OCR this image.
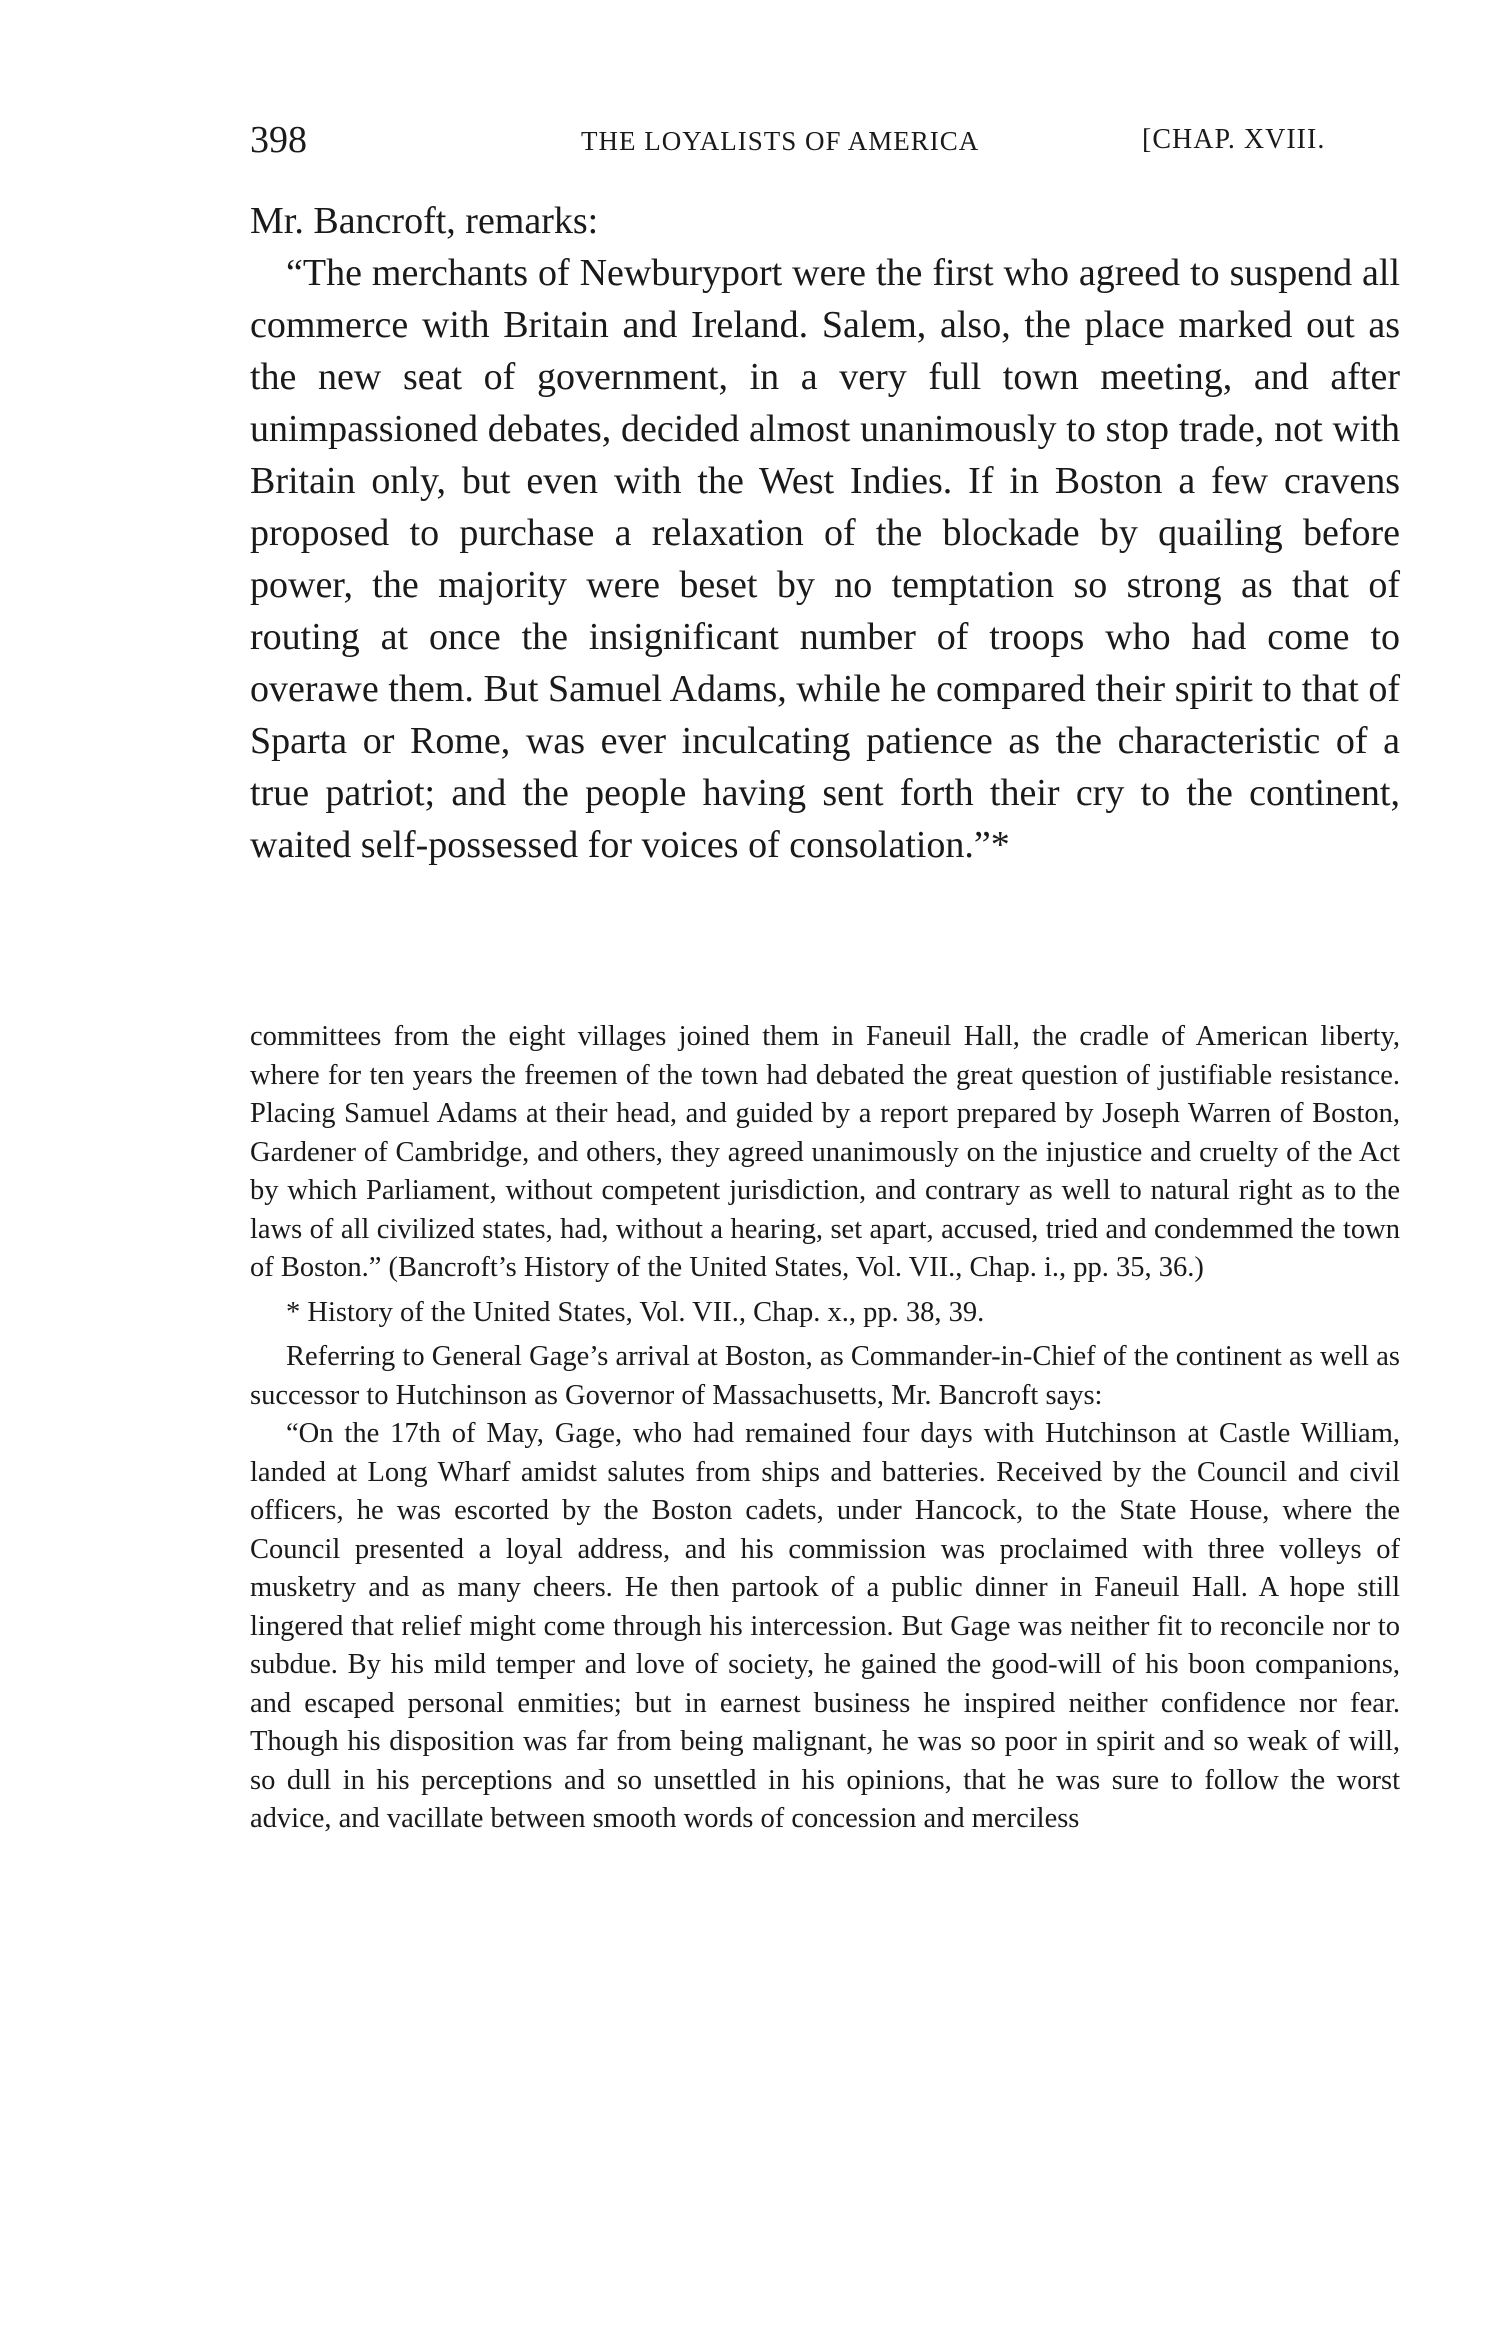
398	THE LOYALISTS OF AMERICA	[CHAP. XVIII.

Mr. Bancroft, remarks:

“The merchants of Newburyport were the first who agreed to suspend all commerce with Britain and Ireland. Salem, also, the place marked out as the new seat of government, in a very full town meeting, and after unimpassioned debates, decided almost unanimously to stop trade, not with Britain only, but even with the West Indies. If in Boston a few cravens proposed to purchase a relaxation of the blockade by quailing before power, the majority were beset by no temptation so strong as that of routing at once the insignificant number of troops who had come to overawe them. But Samuel Adams, while he compared their spirit to that of Sparta or Rome, was ever inculcating patience as the characteristic of a true patriot; and the people having sent forth their cry to the continent, waited self-possessed for voices of consolation.”*

committees from the eight villages joined them in Faneuil Hall, the cradle of American liberty, where for ten years the freemen of the town had debated the great question of justifiable resistance. Placing Samuel Adams at their head, and guided by a report prepared by Joseph Warren of Boston, Gardener of Cambridge, and others, they agreed unanimously on the injustice and cruelty of the Act by which Parliament, without competent jurisdiction, and contrary as well to natural right as to the laws of all civilized states, had, without a hearing, set apart, accused, tried and condemmed the town of Boston.” (Bancroft’s History of the United States, Vol. VII., Chap. i., pp. 35, 36.)

* History of the United States, Vol. VII., Chap. x., pp. 38, 39.

Referring to General Gage’s arrival at Boston, as Commander-in-Chief of the continent as well as successor to Hutchinson as Governor of Massachusetts, Mr. Bancroft says:

“On the 17th of May, Gage, who had remained four days with Hutchinson at Castle William, landed at Long Wharf amidst salutes from ships and batteries. Received by the Council and civil officers, he was escorted by the Boston cadets, under Hancock, to the State House, where the Council presented a loyal address, and his commission was proclaimed with three volleys of musketry and as many cheers. He then partook of a public dinner in Faneuil Hall. A hope still lingered that relief might come through his intercession. But Gage was neither fit to reconcile nor to subdue. By his mild temper and love of society, he gained the good-will of his boon companions, and escaped personal enmities; but in earnest business he inspired neither confidence nor fear. Though his disposition was far from being malignant, he was so poor in spirit and so weak of will, so dull in his perceptions and so unsettled in his opinions, that he was sure to follow the worst advice, and vacillate between smooth words of concession and merciless
